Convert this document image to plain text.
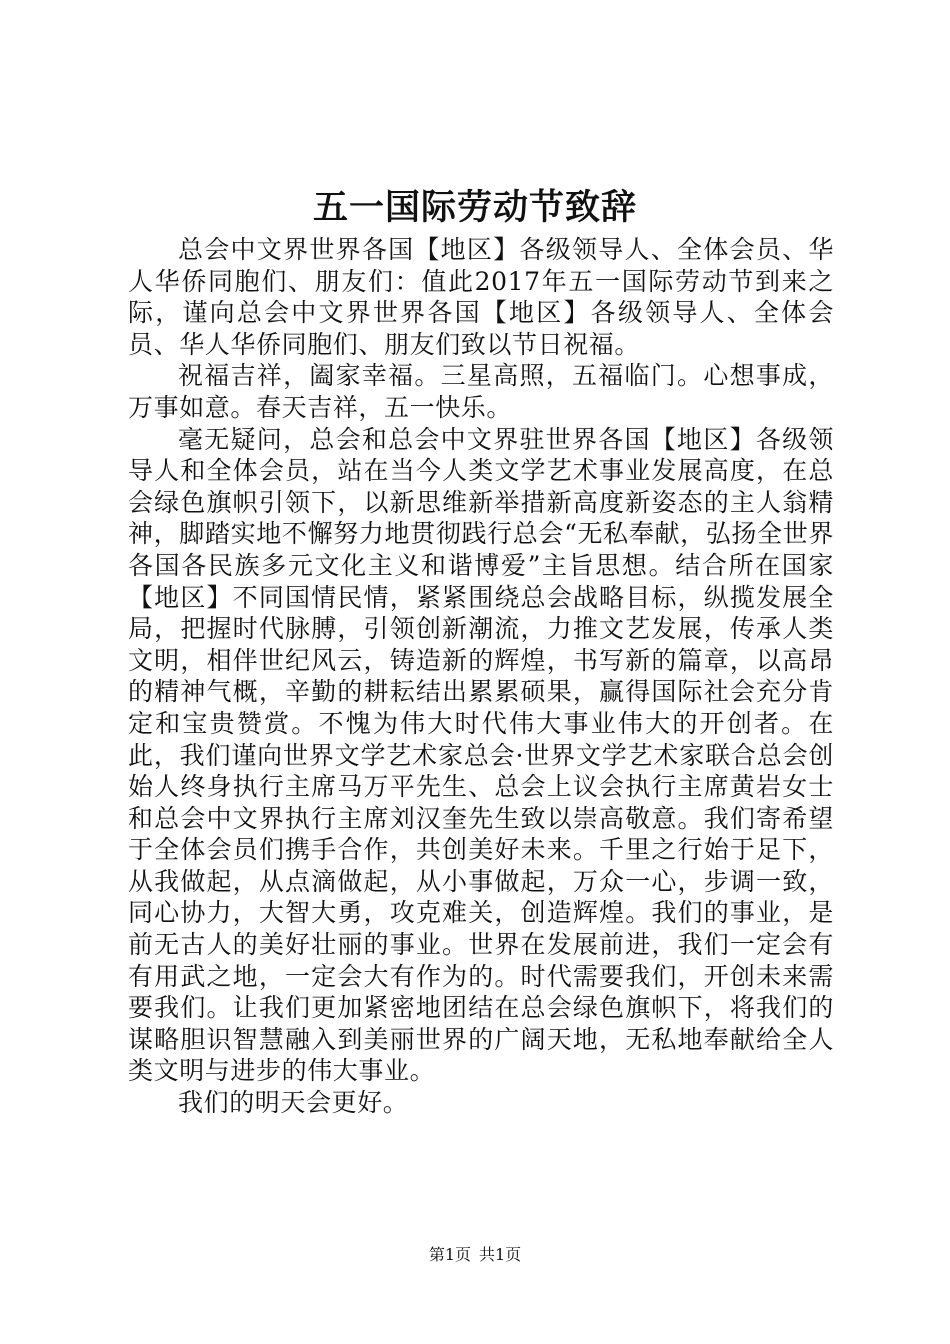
五一国际劳动节致辞

总会中文界世界各国【地区】各级领导人、全体会员、华人华侨同胞们、朋友们：值此2017年五一国际劳动节到来之际，谨向总会中文界世界各国【地区】各级领导人、全体会员、华人华侨同胞们、朋友们致以节日祝福。

祝福吉祥，阖家幸福。三星高照，五福临门。心想事成，万事如意。春天吉祥，五一快乐。

毫无疑问，总会和总会中文界驻世界各国【地区】各级领导人和全体会员，站在当今人类文学艺术事业发展高度，在总会绿色旗帜引领下，以新思维新举措新高度新姿态的主人翁精神，脚踏实地不懈努力地贯彻践行总会“无私奉献，弘扬全世界各国各民族多元文化主义和谐博爱”主旨思想。结合所在国家【地区】不同国情民情，紧紧围绕总会战略目标，纵揽发展全局，把握时代脉膊，引领创新潮流，力推文艺发展，传承人类文明，相伴世纪风云，铸造新的辉煌，书写新的篇章，以高昂的精神气概，辛勤的耕耘结出累累硕果，赢得国际社会充分肯定和宝贵赞赏。不愧为伟大时代伟大事业伟大的开创者。在此，我们谨向世界文学艺术家总会·世界文学艺术家联合总会创始人终身执行主席马万平先生、总会上议会执行主席黄岩女士和总会中文界执行主席刘汉奎先生致以崇高敬意。我们寄希望于全体会员们携手合作，共创美好未来。千里之行始于足下，从我做起，从点滴做起，从小事做起，万众一心，步调一致，同心协力，大智大勇，攻克难关，创造辉煌。我们的事业，是前无古人的美好壮丽的事业。世界在发展前进，我们一定会有有用武之地，一定会大有作为的。时代需要我们，开创未来需要我们。让我们更加紧密地团结在总会绿色旗帜下，将我们的谋略胆识智慧融入到美丽世界的广阔天地，无私地奉献给全人类文明与进步的伟大事业。

我们的明天会更好。

第1页 共1页
